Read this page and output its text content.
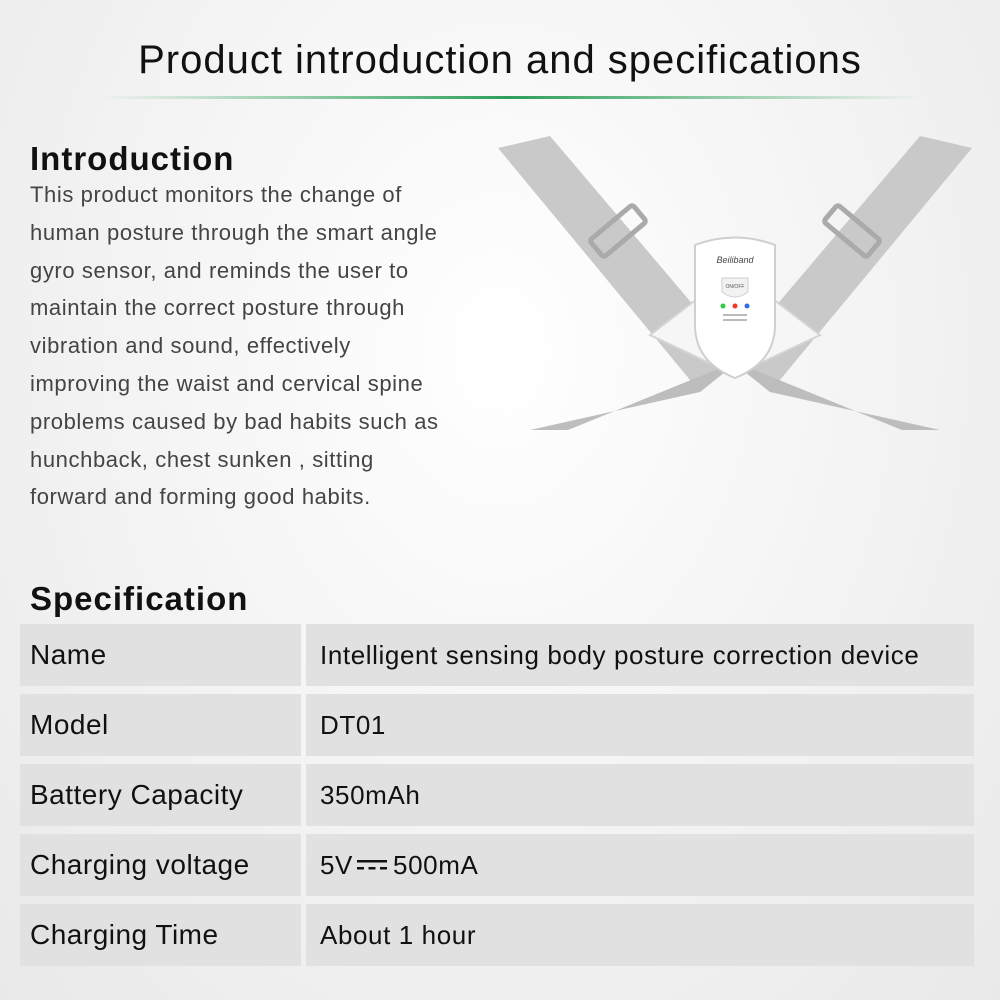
Product introduction and specifications
Introduction
This product monitors the change of
human posture through the smart angle
gyro sensor, and reminds the user to
maintain the correct posture through
vibration and sound, effectively
improving the waist and cervical spine
problems caused by bad habits such as
hunchback, chest sunken , sitting
forward and forming good habits.
Beiliband
ON/OFF
Specification
Name	Intelligent sensing body posture correction device
Model	DT01
Battery Capacity	350mAh
Charging voltage	5V 500mA
Charging Time	About 1 hour
